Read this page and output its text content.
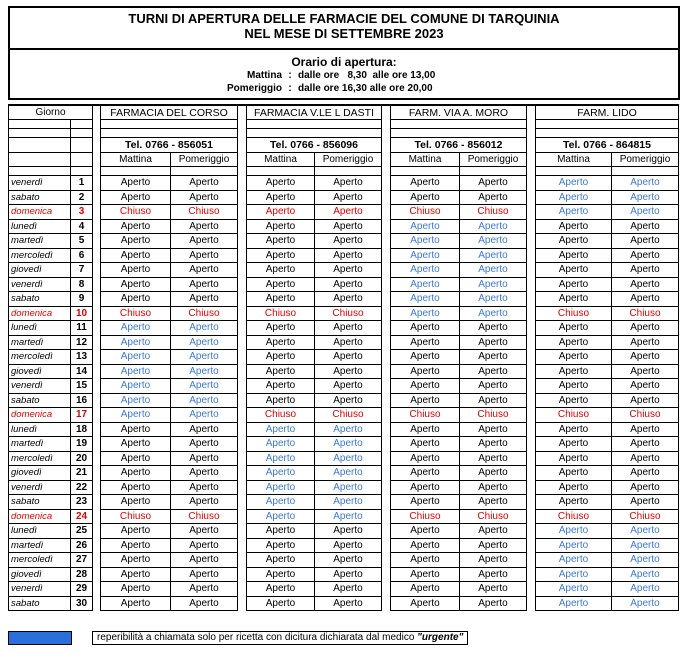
TURNI DI APERTURA DELLE FARMACIE DEL COMUNE DI TARQUINIA
NEL MESE DI SETTEMBRE 2023
Orario di apertura:
Mattina : dalle ore   8,30  alle ore 13,00
Pomeriggio : dalle ore 16,30 alle ore 20,00
Giorno			FARMACIA DEL CORSO			FARMACIA V.LE L DASTI			FARM. VIA A. MORO			FARM. LIDO	

			Tel. 0766 - 856051			Tel. 0766 - 856096			Tel. 0766 - 856012			Tel. 0766 - 864815	
			Mattina	Pomeriggio		Mattina	Pomeriggio		Mattina	Pomeriggio		Mattina	Pomeriggio

venerdì	1		Aperto	Aperto		Aperto	Aperto		Aperto	Aperto		Aperto	Aperto
sabato	2		Aperto	Aperto		Aperto	Aperto		Aperto	Aperto		Aperto	Aperto
domenica	3		Chiuso	Chiuso		Aperto	Aperto		Chiuso	Chiuso		Aperto	Aperto
lunedì	4		Aperto	Aperto		Aperto	Aperto		Aperto	Aperto		Aperto	Aperto
martedì	5		Aperto	Aperto		Aperto	Aperto		Aperto	Aperto		Aperto	Aperto
mercoledì	6		Aperto	Aperto		Aperto	Aperto		Aperto	Aperto		Aperto	Aperto
giovedì	7		Aperto	Aperto		Aperto	Aperto		Aperto	Aperto		Aperto	Aperto
venerdì	8		Aperto	Aperto		Aperto	Aperto		Aperto	Aperto		Aperto	Aperto
sabato	9		Aperto	Aperto		Aperto	Aperto		Aperto	Aperto		Aperto	Aperto
domenica	10		Chiuso	Chiuso		Chiuso	Chiuso		Aperto	Aperto		Chiuso	Chiuso
lunedì	11		Aperto	Aperto		Aperto	Aperto		Aperto	Aperto		Aperto	Aperto
martedì	12		Aperto	Aperto		Aperto	Aperto		Aperto	Aperto		Aperto	Aperto
mercoledì	13		Aperto	Aperto		Aperto	Aperto		Aperto	Aperto		Aperto	Aperto
giovedì	14		Aperto	Aperto		Aperto	Aperto		Aperto	Aperto		Aperto	Aperto
venerdì	15		Aperto	Aperto		Aperto	Aperto		Aperto	Aperto		Aperto	Aperto
sabato	16		Aperto	Aperto		Aperto	Aperto		Aperto	Aperto		Aperto	Aperto
domenica	17		Aperto	Aperto		Chiuso	Chiuso		Chiuso	Chiuso		Chiuso	Chiuso
lunedì	18		Aperto	Aperto		Aperto	Aperto		Aperto	Aperto		Aperto	Aperto
martedì	19		Aperto	Aperto		Aperto	Aperto		Aperto	Aperto		Aperto	Aperto
mercoledì	20		Aperto	Aperto		Aperto	Aperto		Aperto	Aperto		Aperto	Aperto
giovedì	21		Aperto	Aperto		Aperto	Aperto		Aperto	Aperto		Aperto	Aperto
venerdì	22		Aperto	Aperto		Aperto	Aperto		Aperto	Aperto		Aperto	Aperto
sabato	23		Aperto	Aperto		Aperto	Aperto		Aperto	Aperto		Aperto	Aperto
domenica	24		Chiuso	Chiuso		Aperto	Aperto		Chiuso	Chiuso		Chiuso	Chiuso
lunedì	25		Aperto	Aperto		Aperto	Aperto		Aperto	Aperto		Aperto	Aperto
martedì	26		Aperto	Aperto		Aperto	Aperto		Aperto	Aperto		Aperto	Aperto
mercoledì	27		Aperto	Aperto		Aperto	Aperto		Aperto	Aperto		Aperto	Aperto
giovedì	28		Aperto	Aperto		Aperto	Aperto		Aperto	Aperto		Aperto	Aperto
venerdì	29		Aperto	Aperto		Aperto	Aperto		Aperto	Aperto		Aperto	Aperto
sabato	30		Aperto	Aperto		Aperto	Aperto		Aperto	Aperto		Aperto	Aperto
reperibilità a chiamata solo per ricetta con dicitura dichiarata dal medico "urgente"
